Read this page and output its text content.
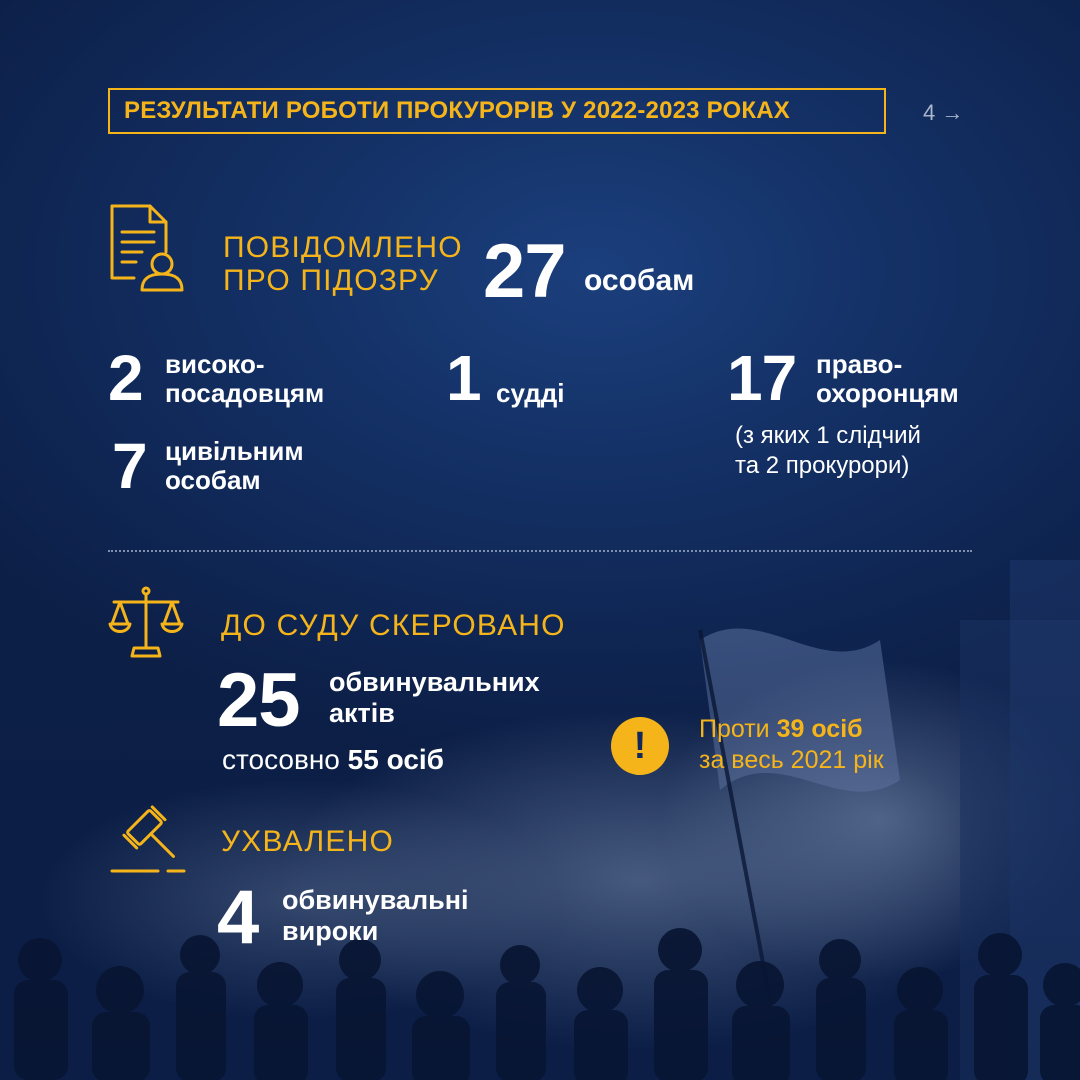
РЕЗУЛЬТАТИ РОБОТИ ПРОКУРОРІВ У 2022-2023 РОКАХ	4 →
ПОВІДОМЛЕНО
ПРО ПІДОЗРУ 27 особам
2 високо-
посадовцям 1 судді	17 право-
охоронцям
(з яких 1 слідчий
та 2 прокурори)
7 цивільним
особам
ДО СУДУ СКЕРОВАНО
25 обвинувальних
актів
стосовно 55 осіб	!	Проти 39 осіб
за весь 2021 рік
УХВАЛЕНО
4 обвинувальні
вироки
